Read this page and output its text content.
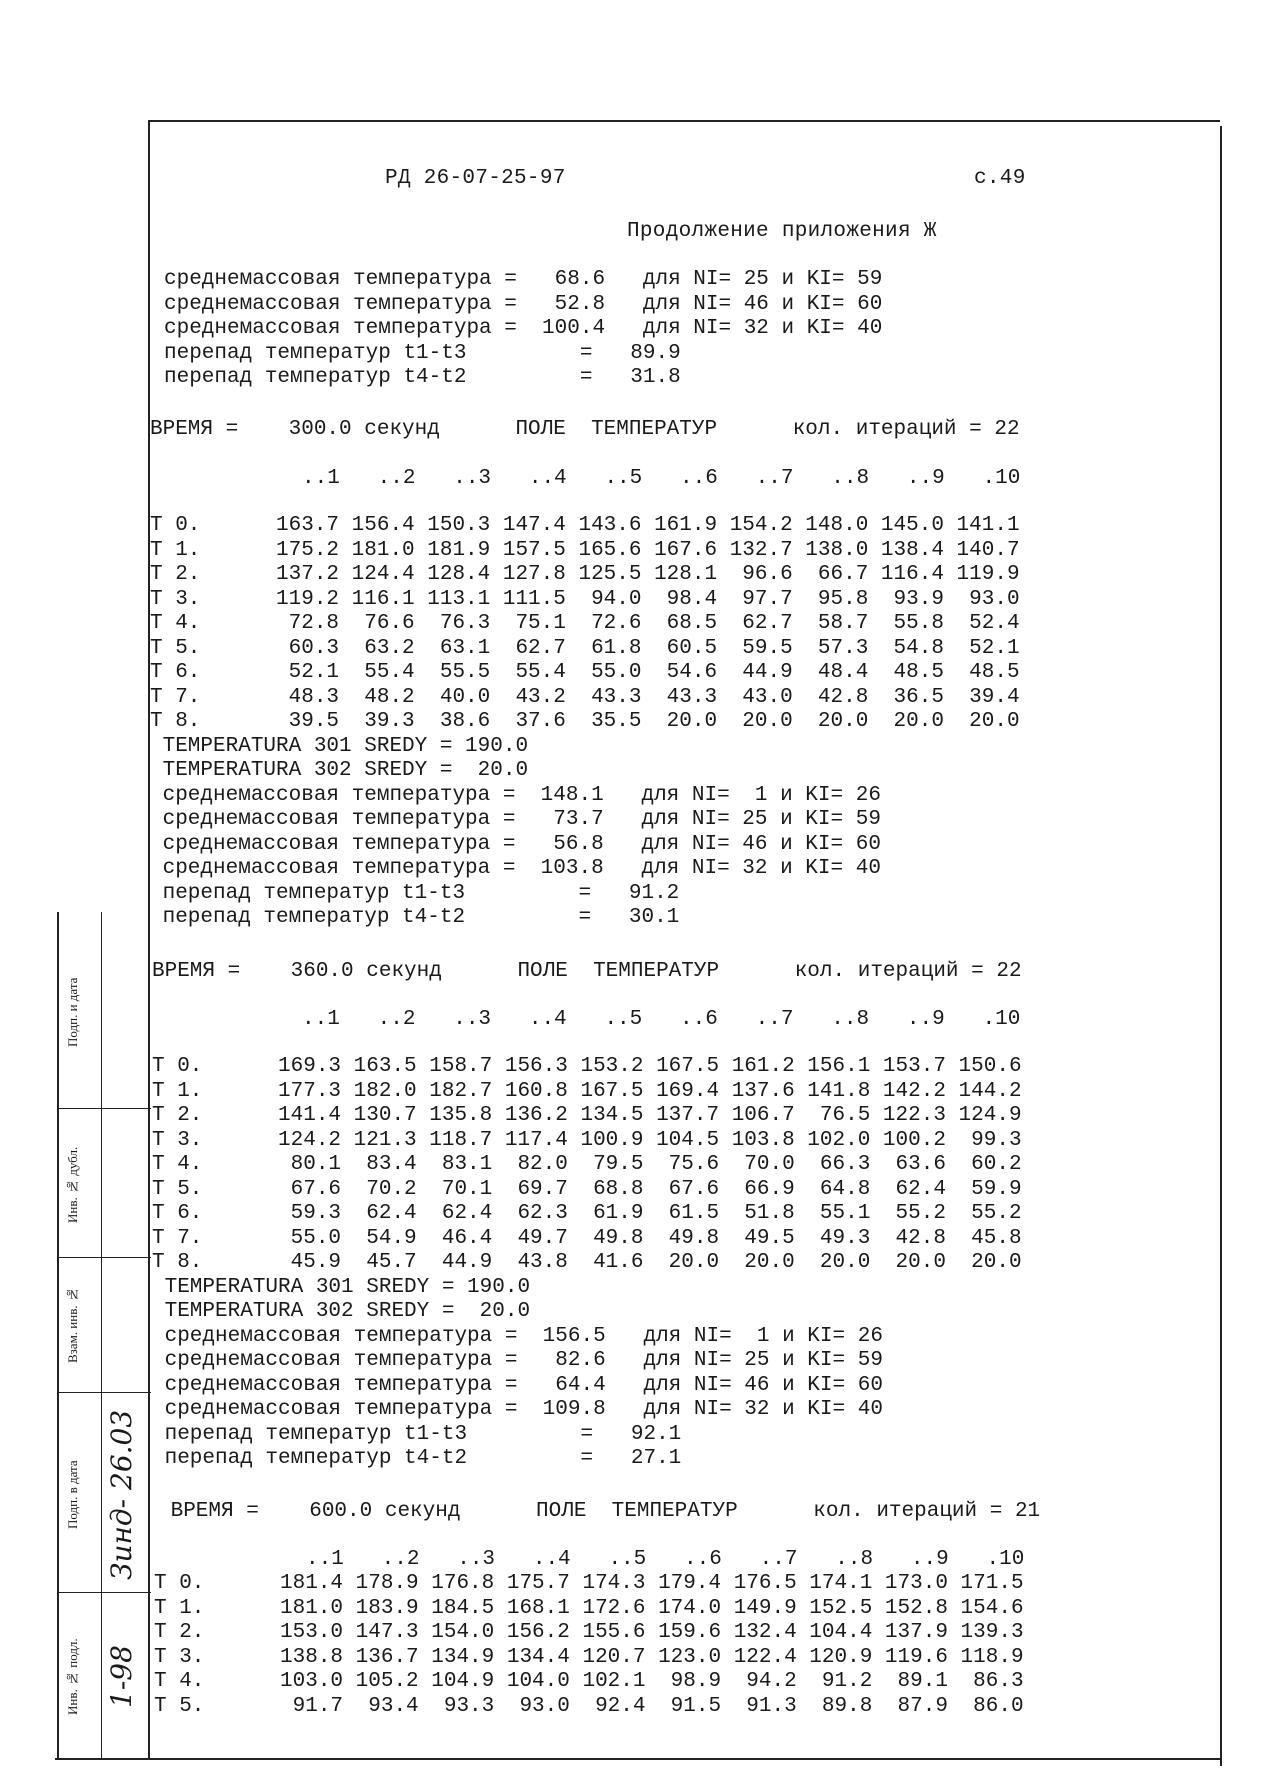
РД 26-07-25-97	с.49
Продолжение приложения Ж
среднемассовая температура =   68.6   для NI= 25 и KI= 59
среднемассовая температура =   52.8   для NI= 46 и KI= 60
среднемассовая температура =  100.4   для NI= 32 и KI= 40
перепад температур t1-t3         =   89.9
перепад температур t4-t2         =   31.8
ВРЕМЯ =    300.0 секунд      ПОЛЕ  ТЕМПЕРАТУР      кол. итераций = 22
..1   ..2   ..3   ..4   ..5   ..6   ..7   ..8   ..9   .10
T 0.      163.7 156.4 150.3 147.4 143.6 161.9 154.2 148.0 145.0 141.1
T 1.      175.2 181.0 181.9 157.5 165.6 167.6 132.7 138.0 138.4 140.7
T 2.      137.2 124.4 128.4 127.8 125.5 128.1  96.6  66.7 116.4 119.9
T 3.      119.2 116.1 113.1 111.5  94.0  98.4  97.7  95.8  93.9  93.0
T 4.       72.8  76.6  76.3  75.1  72.6  68.5  62.7  58.7  55.8  52.4
T 5.       60.3  63.2  63.1  62.7  61.8  60.5  59.5  57.3  54.8  52.1
T 6.       52.1  55.4  55.5  55.4  55.0  54.6  44.9  48.4  48.5  48.5
T 7.       48.3  48.2  40.0  43.2  43.3  43.3  43.0  42.8  36.5  39.4
T 8.       39.5  39.3  38.6  37.6  35.5  20.0  20.0  20.0  20.0  20.0
TEMPERATURA 301 SREDY = 190.0
TEMPERATURA 302 SREDY =  20.0
среднемассовая температура =  148.1   для NI=  1 и KI= 26
среднемассовая температура =   73.7   для NI= 25 и KI= 59
среднемассовая температура =   56.8   для NI= 46 и KI= 60
среднемассовая температура =  103.8   для NI= 32 и KI= 40
перепад температур t1-t3         =   91.2
перепад температур t4-t2         =   30.1
ВРЕМЯ =    360.0 секунд      ПОЛЕ  ТЕМПЕРАТУР      кол. итераций = 22
..1   ..2   ..3   ..4   ..5   ..6   ..7   ..8   ..9   .10
T 0.      169.3 163.5 158.7 156.3 153.2 167.5 161.2 156.1 153.7 150.6
T 1.      177.3 182.0 182.7 160.8 167.5 169.4 137.6 141.8 142.2 144.2
T 2.      141.4 130.7 135.8 136.2 134.5 137.7 106.7  76.5 122.3 124.9
T 3.      124.2 121.3 118.7 117.4 100.9 104.5 103.8 102.0 100.2  99.3
T 4.       80.1  83.4  83.1  82.0  79.5  75.6  70.0  66.3  63.6  60.2
T 5.       67.6  70.2  70.1  69.7  68.8  67.6  66.9  64.8  62.4  59.9
T 6.       59.3  62.4  62.4  62.3  61.9  61.5  51.8  55.1  55.2  55.2
T 7.       55.0  54.9  46.4  49.7  49.8  49.8  49.5  49.3  42.8  45.8
T 8.       45.9  45.7  44.9  43.8  41.6  20.0  20.0  20.0  20.0  20.0
TEMPERATURA 301 SREDY = 190.0
TEMPERATURA 302 SREDY =  20.0
среднемассовая температура =  156.5   для NI=  1 и KI= 26
среднемассовая температура =   82.6   для NI= 25 и KI= 59
среднемассовая температура =   64.4   для NI= 46 и KI= 60
среднемассовая температура =  109.8   для NI= 32 и KI= 40
перепад температур t1-t3         =   92.1
перепад температур t4-t2         =   27.1
ВРЕМЯ =    600.0 секунд      ПОЛЕ  ТЕМПЕРАТУР      кол. итераций = 21
..1   ..2   ..3   ..4   ..5   ..6   ..7   ..8   ..9   .10
T 0.      181.4 178.9 176.8 175.7 174.3 179.4 176.5 174.1 173.0 171.5
T 1.      181.0 183.9 184.5 168.1 172.6 174.0 149.9 152.5 152.8 154.6
T 2.      153.0 147.3 154.0 156.2 155.6 159.6 132.4 104.4 137.9 139.3
T 3.      138.8 136.7 134.9 134.4 120.7 123.0 122.4 120.9 119.6 118.9
T 4.      103.0 105.2 104.9 104.0 102.1  98.9  94.2  91.2  89.1  86.3
T 5.       91.7  93.4  93.3  93.0  92.4  91.5  91.3  89.8  87.9  86.0
Подп. и дата
Инв. № дубл.
Взам. инв. №
Подп. в дата
Инв. № подл.
Зинд- 26.03
1-98
